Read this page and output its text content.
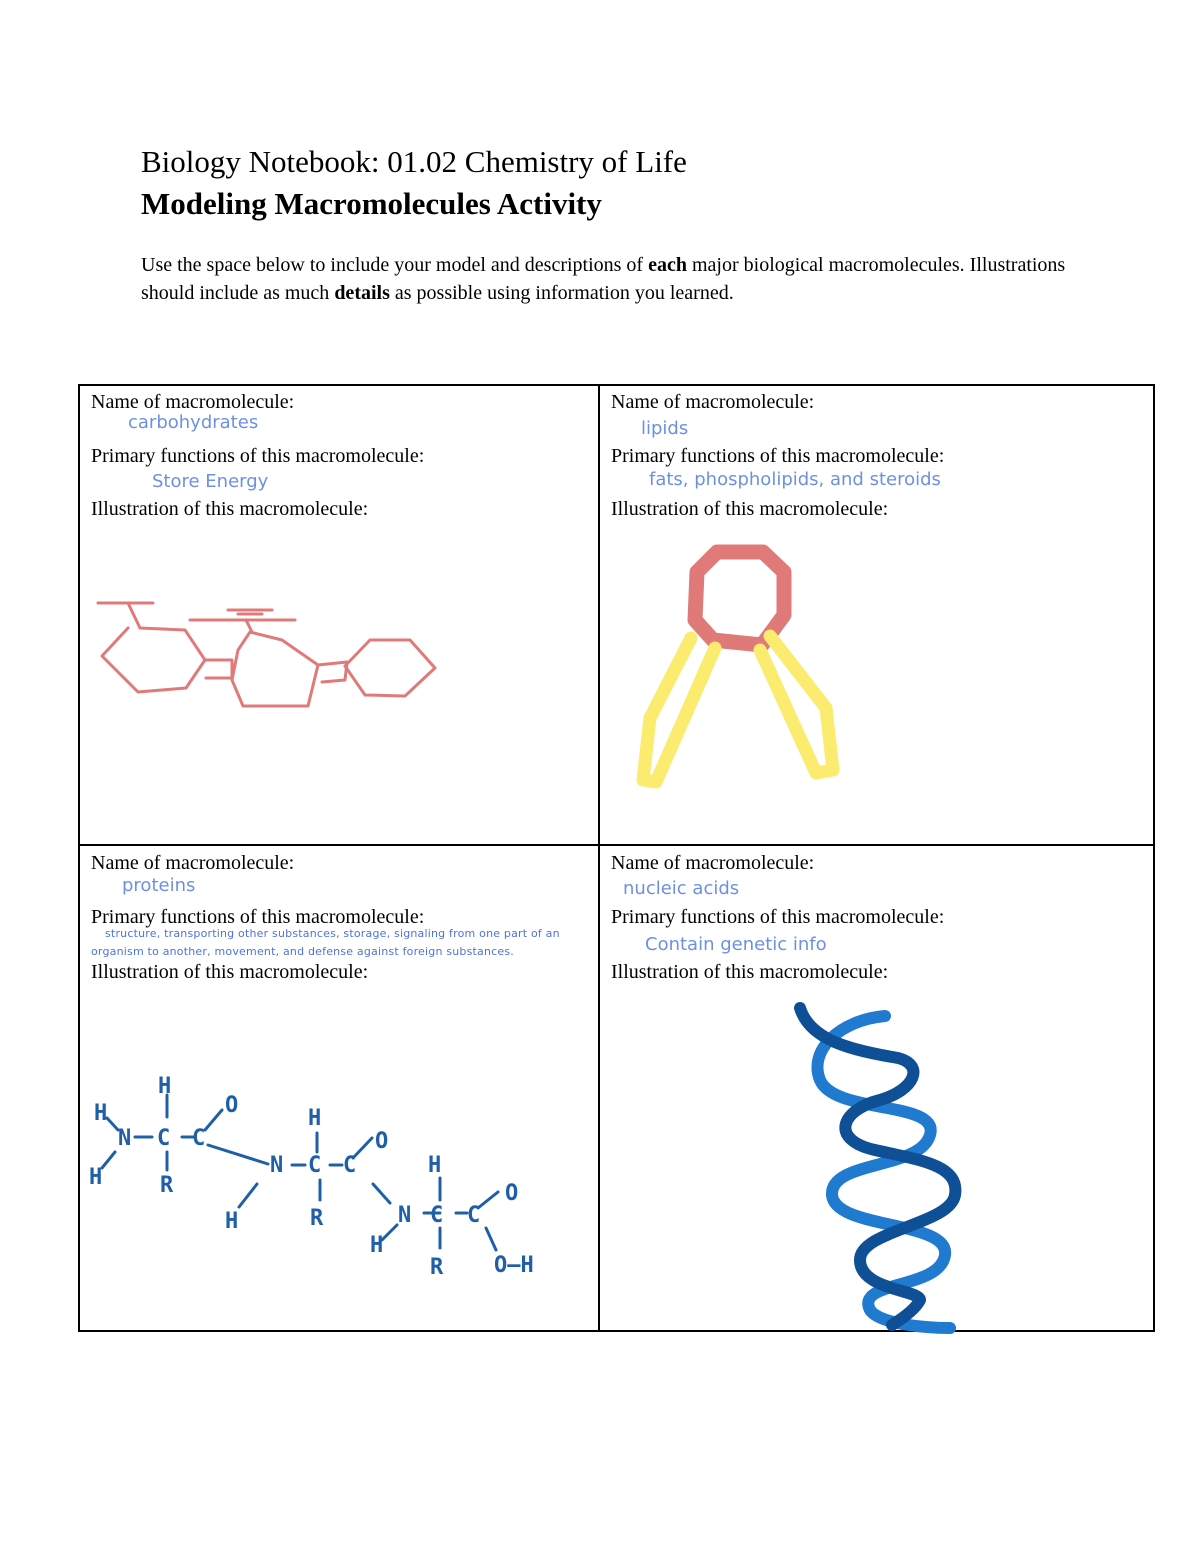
Biology Notebook: 01.02 Chemistry of Life
Modeling Macromolecules Activity
Use the space below to include your model and descriptions of each major biological macromolecules. Illustrations should include as much details as possible using information you learned.
Name of macromolecule:
carbohydrates
Primary functions of this macromolecule:
Store Energy
Illustration of this macromolecule:
Name of macromolecule:
lipids
Primary functions of this macromolecule:
fats, phospholipids, and steroids
Illustration of this macromolecule:
Name of macromolecule:
proteins
Primary functions of this macromolecule:
structure, transporting other substances, storage, signaling from one part of an organism to another, movement, and defense against foreign substances.
Illustration of this macromolecule:
Name of macromolecule:
nucleic acids
Primary functions of this macromolecule:
Contain genetic info
Illustration of this macromolecule:
H
H
N C C
O
H	R
N
H
C C
O
H	R	N
H
C C
O
H
R O–H
